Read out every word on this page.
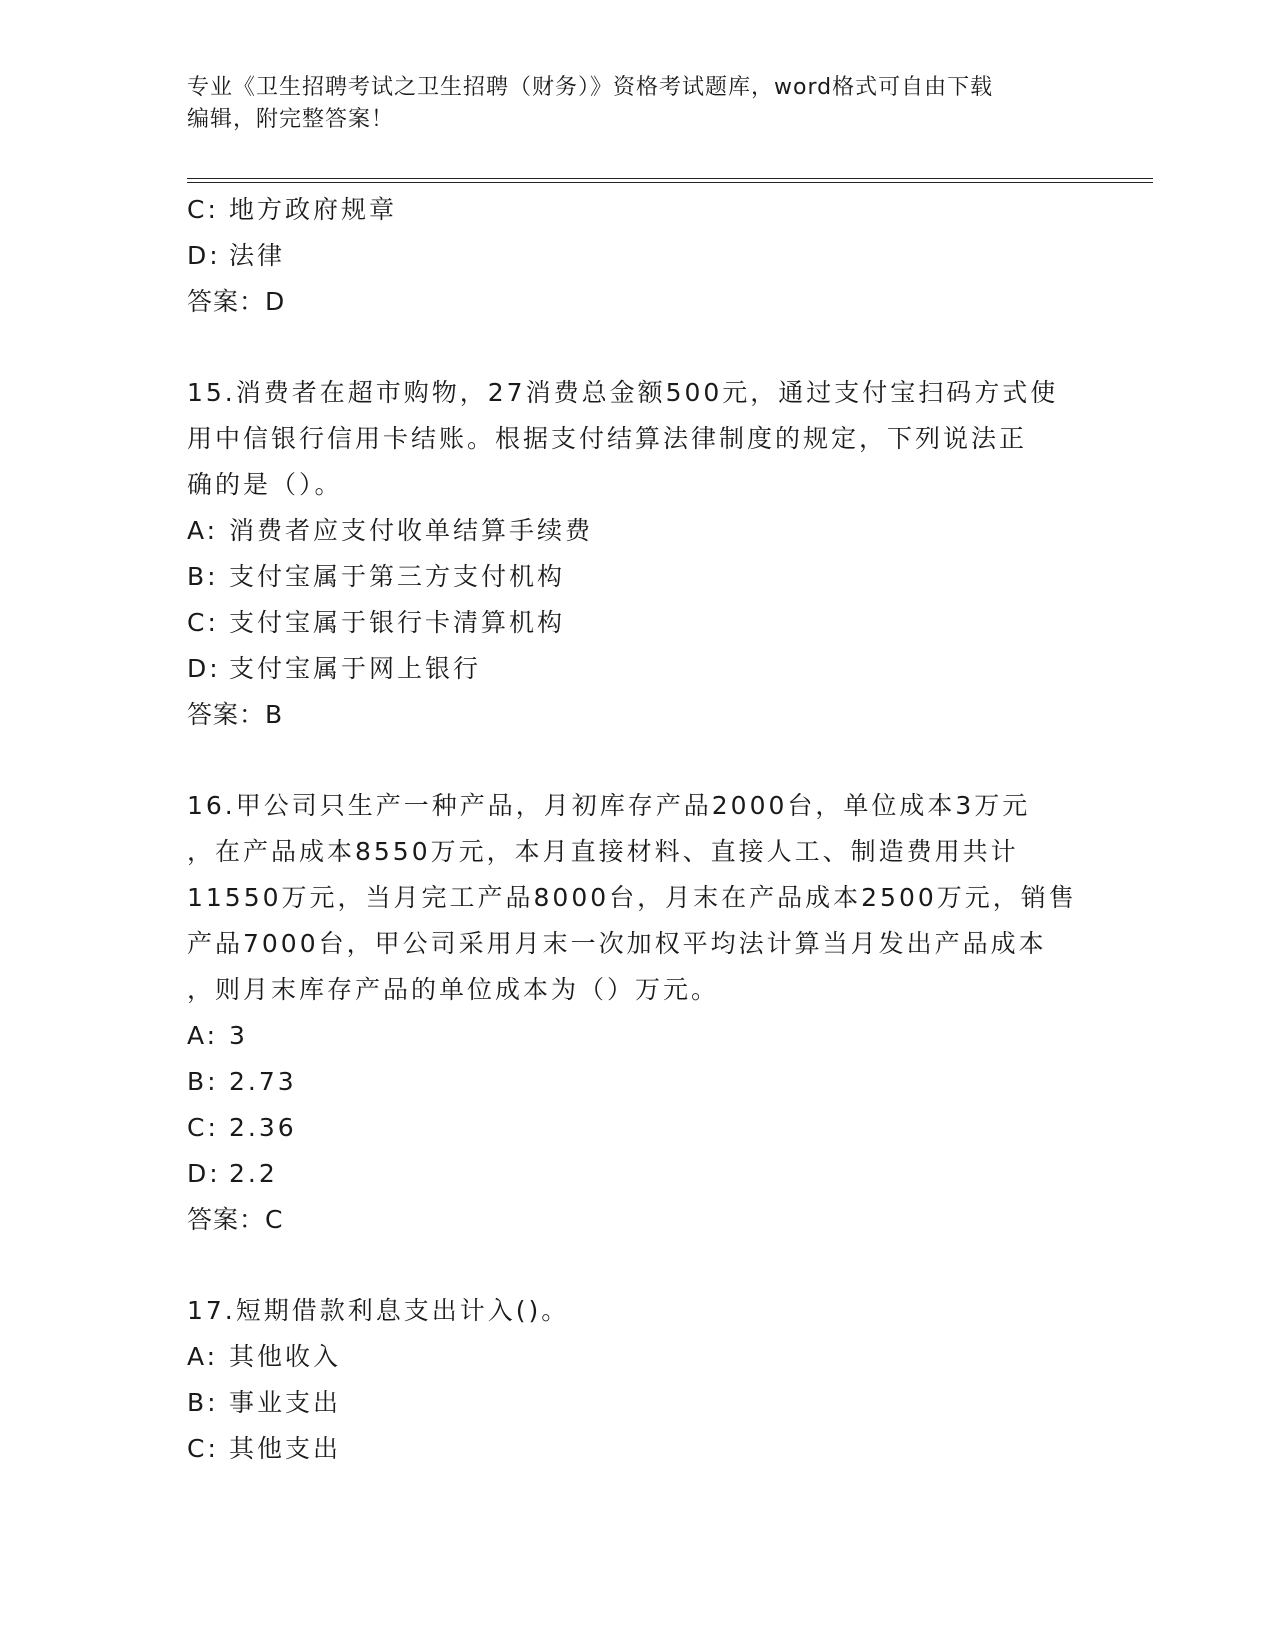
专业《卫生招聘考试之卫生招聘（财务）》资格考试题库，word格式可自由下载
编辑，附完整答案！
C: 地方政府规章
D: 法律
答案：D
15.消费者在超市购物，27消费总金额500元，通过支付宝扫码方式使
用中信银行信用卡结账。根据支付结算法律制度的规定，下列说法正
确的是（）。
A: 消费者应支付收单结算手续费
B: 支付宝属于第三方支付机构
C: 支付宝属于银行卡清算机构
D: 支付宝属于网上银行
答案：B
16.甲公司只生产一种产品，月初库存产品2000台，单位成本3万元
，在产品成本8550万元，本月直接材料、直接人工、制造费用共计
11550万元，当月完工产品8000台，月末在产品成本2500万元，销售
产品7000台，甲公司采用月末一次加权平均法计算当月发出产品成本
，则月末库存产品的单位成本为（）万元。
A: 3
B: 2.73
C: 2.36
D: 2.2
答案：C
17.短期借款利息支出计入()。
A: 其他收入
B: 事业支出
C: 其他支出
